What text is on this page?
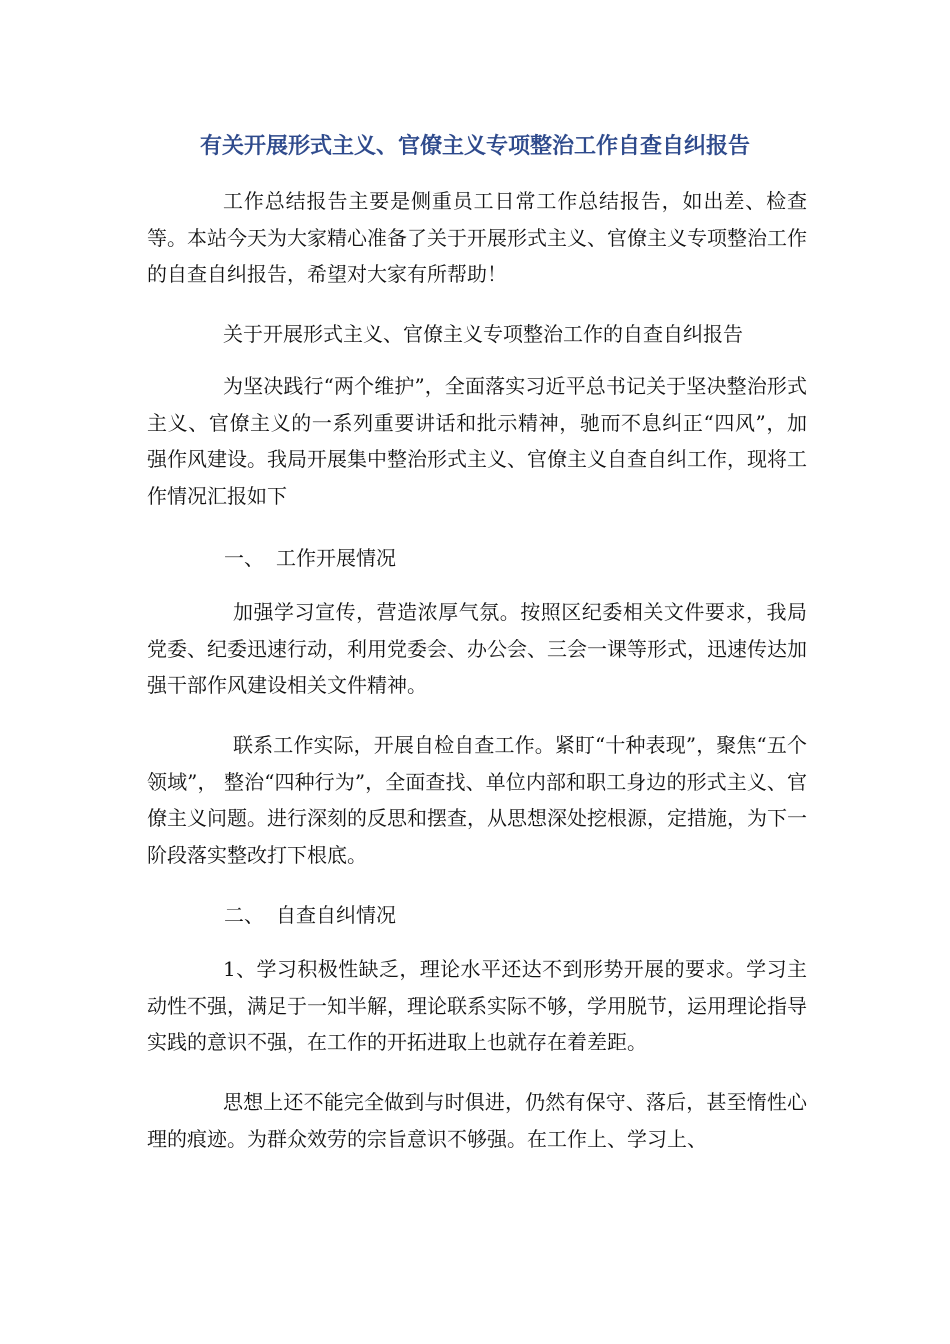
有关开展形式主义、官僚主义专项整治工作自查自纠报告

工作总结报告主要是侧重员工日常工作总结报告，如出差、检查等。本站今天为大家精心准备了关于开展形式主义、官僚主义专项整治工作的自查自纠报告，希望对大家有所帮助！

关于开展形式主义、官僚主义专项整治工作的自查自纠报告

为坚决践行“两个维护”，全面落实习近平总书记关于坚决整治形式主义、官僚主义的一系列重要讲话和批示精神，驰而不息纠正“四风”，加强作风建设。我局开展集中整治形式主义、官僚主义自查自纠工作，现将工作情况汇报如下

一、 工作开展情况

加强学习宣传，营造浓厚气氛。按照区纪委相关文件要求，我局党委、纪委迅速行动，利用党委会、办公会、三会一课等形式，迅速传达加强干部作风建设相关文件精神。

联系工作实际，开展自检自查工作。紧盯“十种表现”，聚焦“五个领域”， 整治“四种行为”，全面查找、单位内部和职工身边的形式主义、官僚主义问题。进行深刻的反思和摆查，从思想深处挖根源，定措施，为下一阶段落实整改打下根底。

二、 自查自纠情况

1、学习积极性缺乏，理论水平还达不到形势开展的要求。学习主动性不强，满足于一知半解，理论联系实际不够，学用脱节，运用理论指导实践的意识不强，在工作的开拓进取上也就存在着差距。

思想上还不能完全做到与时俱进，仍然有保守、落后，甚至惰性心理的痕迹。为群众效劳的宗旨意识不够强。在工作上、学习上、
